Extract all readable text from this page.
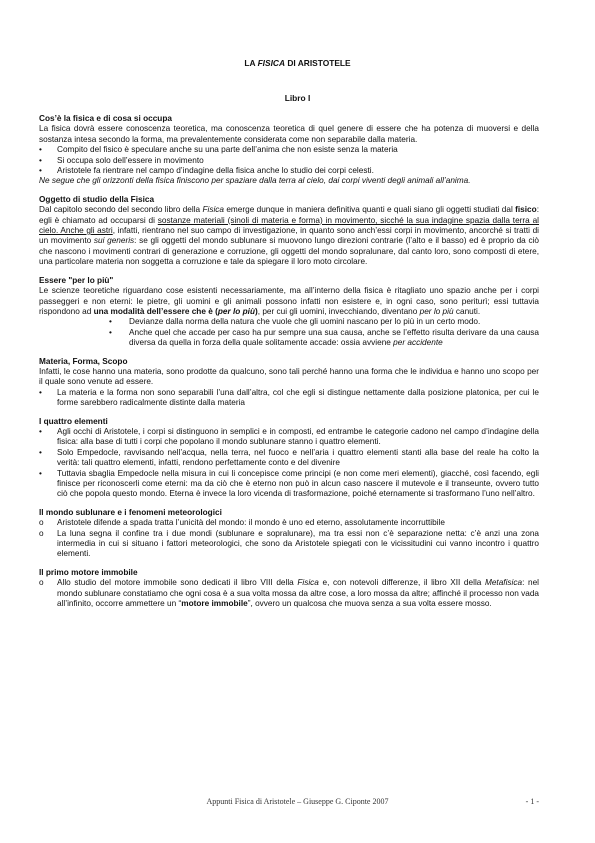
LA FISICA DI ARISTOTELE
Libro I

Cos’è la fisica e di cosa si occupa

La fisica dovrà essere conoscenza teoretica, ma conoscenza teoretica di quel genere di essere che ha potenza di muoversi e della sostanza intesa secondo la forma, ma prevalentemente considerata come non separabile dalla materia.

•	Compito del fisico è speculare anche su una parte dell’anima che non esiste senza la materia
•	Si occupa solo dell’essere in movimento
•	Aristotele fa rientrare nel campo d’indagine della fisica anche lo studio dei corpi celesti.

Ne segue che gli orizzonti della fisica finiscono per spaziare dalla terra al cielo, dai corpi viventi degli animali all’anima.

Oggetto di studio della Fisica

Dal capitolo secondo del secondo libro della Fisica emerge dunque in maniera definitiva quanti e quali siano gli oggetti studiati dal fisico: egli è chiamato ad occuparsi di sostanze materiali (sinoli di materia e forma) in movimento, sicché la sua indagine spazia dalla terra al cielo. Anche gli astri, infatti, rientrano nel suo campo di investigazione, in quanto sono anch’essi corpi in movimento, ancorché si tratti di un movimento sui generis: se gli oggetti del mondo sublunare si muovono lungo direzioni contrarie (l’alto e il basso) ed è proprio da ciò che nascono i movimenti contrari di generazione e corruzione, gli oggetti del mondo sopralunare, dal canto loro, sono composti di etere, una particolare materia non soggetta a corruzione e tale da spiegare il loro moto circolare.

Essere "per lo più"

Le scienze teoretiche riguardano cose esistenti necessariamente, ma all’interno della fisica è ritagliato uno spazio anche per i corpi passeggeri e non eterni: le pietre, gli uomini e gli animali possono infatti non esistere e, in ogni caso, sono periturì; essi tuttavia rispondono ad una modalità dell’essere che è (per lo più), per cui gli uomini, invecchiando, diventano per lo più canuti.

•	Devianze dalla norma della natura che vuole che gli uomini nascano per lo più in un certo modo.
•	Anche quel che accade per caso ha pur sempre una sua causa, anche se l’effetto risulta derivare da una causa diversa da quella in forza della quale solitamente accade: ossia avviene per accidente

Materia, Forma, Scopo

Infatti, le cose hanno una materia, sono prodotte da qualcuno, sono tali perché hanno una forma che le individua e hanno uno scopo per il quale sono venute ad essere.

•	La materia e la forma non sono separabili l’una dall’altra, col che egli si distingue nettamente dalla posizione platonica, per cui le forme sarebbero radicalmente distinte dalla materia

I quattro elementi

•	Agli occhi di Aristotele, i corpi si distinguono in semplici e in composti, ed entrambe le categorie cadono nel campo d’indagine della fisica: alla base di tutti i corpi che popolano il mondo sublunare stanno i quattro elementi.
•	Solo Empedocle, ravvisando nell’acqua, nella terra, nel fuoco e nell’aria i quattro elementi stanti alla base del reale ha colto la verità: tali quattro elementi, infatti, rendono perfettamente conto e del divenire
•	Tuttavia sbaglia Empedocle nella misura in cui li concepisce come principi (e non come meri elementi), giacché, così facendo, egli finisce per riconoscerli come eterni: ma da ciò che è eterno non può in alcun caso nascere il mutevole e il transeunte, ovvero tutto ciò che popola questo mondo. Eterna è invece la loro vicenda di trasformazione, poiché eternamente si trasformano l’uno nell’altro.

Il mondo sublunare e i fenomeni meteorologici

o	Aristotele difende a spada tratta l’unicità del mondo: il mondo è uno ed eterno, assolutamente incorruttibile
o	La luna segna il confine tra i due mondi (sublunare e sopralunare), ma tra essi non c’è separazione netta: c’è anzi una zona intermedia in cui si situano i fattori meteorologici, che sono da Aristotele spiegati con le vicissitudini cui vanno incontro i quattro elementi.

Il primo motore immobile

o	Allo studio del motore immobile sono dedicati il libro VIII della Fisica e, con notevoli differenze, il libro XII della Metafisica: nel mondo sublunare constatiamo che ogni cosa è a sua volta mossa da altre cose, a loro mossa da altre; affinché il processo non vada all’infinito, occorre ammettere un “motore immobile”, ovvero un qualcosa che muova senza a sua volta essere mosso.
Appunti Fisica di Aristotele – Giuseppe G. Ciponte 2007	- 1 -
